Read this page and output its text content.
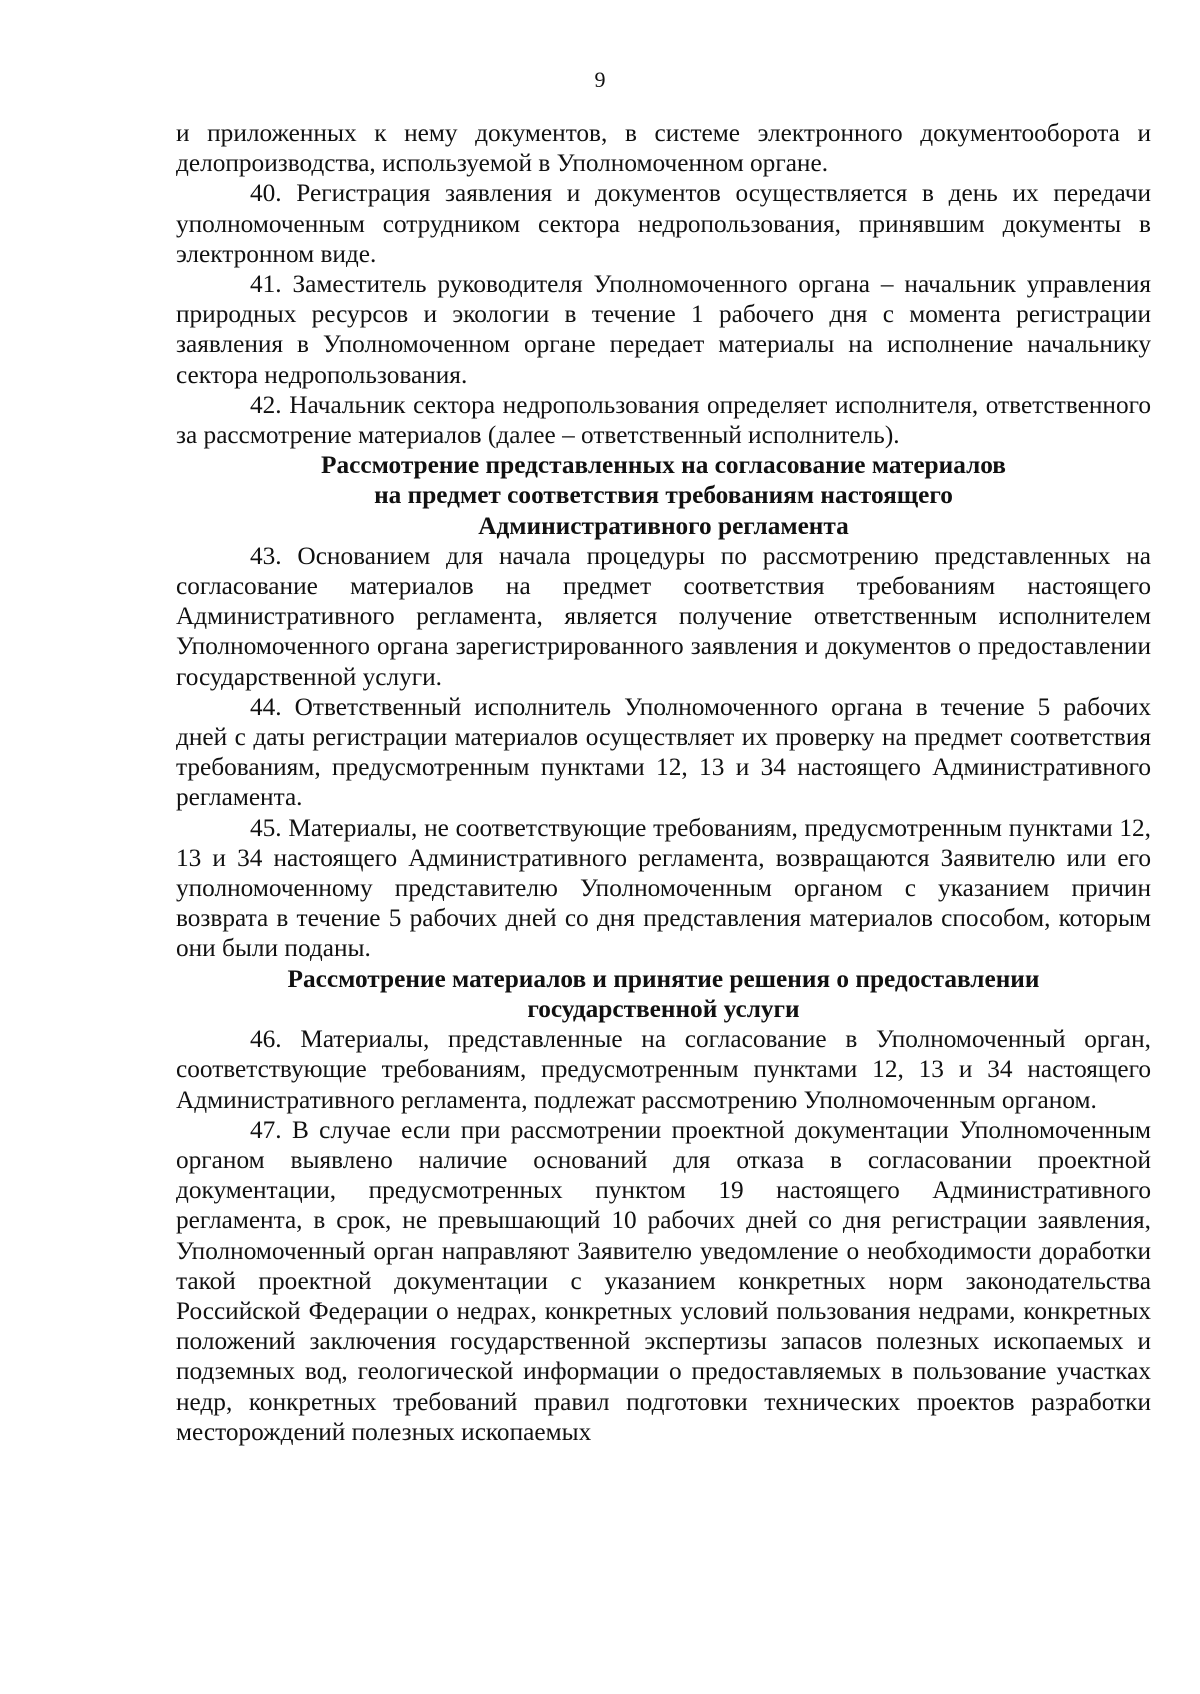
9

и приложенных к нему документов, в системе электронного документооборота и делопроизводства, используемой в Уполномоченном органе.

40. Регистрация заявления и документов осуществляется в день их передачи уполномоченным сотрудником сектора недропользования, принявшим документы в электронном виде.

41. Заместитель руководителя Уполномоченного органа – начальник управления природных ресурсов и экологии в течение 1 рабочего дня с момента регистрации заявления в Уполномоченном органе передает материалы на исполнение начальнику сектора недропользования.

42. Начальник сектора недропользования определяет исполнителя, ответственного за рассмотрение материалов (далее – ответственный исполнитель).

Рассмотрение представленных на согласование материалов
на предмет соответствия требованиям настоящего
Административного регламента

43. Основанием для начала процедуры по рассмотрению представленных на согласование материалов на предмет соответствия требованиям настоящего Административного регламента, является получение ответственным исполнителем Уполномоченного органа зарегистрированного заявления и документов о предоставлении государственной услуги.

44. Ответственный исполнитель Уполномоченного органа в течение 5 рабочих дней с даты регистрации материалов осуществляет их проверку на предмет соответствия требованиям, предусмотренным пунктами 12, 13 и 34 настоящего Административного регламента.

45. Материалы, не соответствующие требованиям, предусмотренным пунктами 12, 13 и 34 настоящего Административного регламента, возвращаются Заявителю или его уполномоченному представителю Уполномоченным органом с указанием причин возврата в течение 5 рабочих дней со дня представления материалов способом, которым они были поданы.

Рассмотрение материалов и принятие решения о предоставлении
государственной услуги

46. Материалы, представленные на согласование в Уполномоченный орган, соответствующие требованиям, предусмотренным пунктами 12, 13 и 34 настоящего Административного регламента, подлежат рассмотрению Уполномоченным органом.

47. В случае если при рассмотрении проектной документации Уполномоченным органом выявлено наличие оснований для отказа в согласовании проектной документации, предусмотренных пунктом 19 настоящего Административного регламента, в срок, не превышающий 10 рабочих дней со дня регистрации заявления, Уполномоченный орган направляют Заявителю уведомление о необходимости доработки такой проектной документации с указанием конкретных норм законодательства Российской Федерации о недрах, конкретных условий пользования недрами, конкретных положений заключения государственной экспертизы запасов полезных ископаемых и подземных вод, геологической информации о предоставляемых в пользование участках недр, конкретных требований правил подготовки технических проектов разработки месторождений полезных ископаемых
